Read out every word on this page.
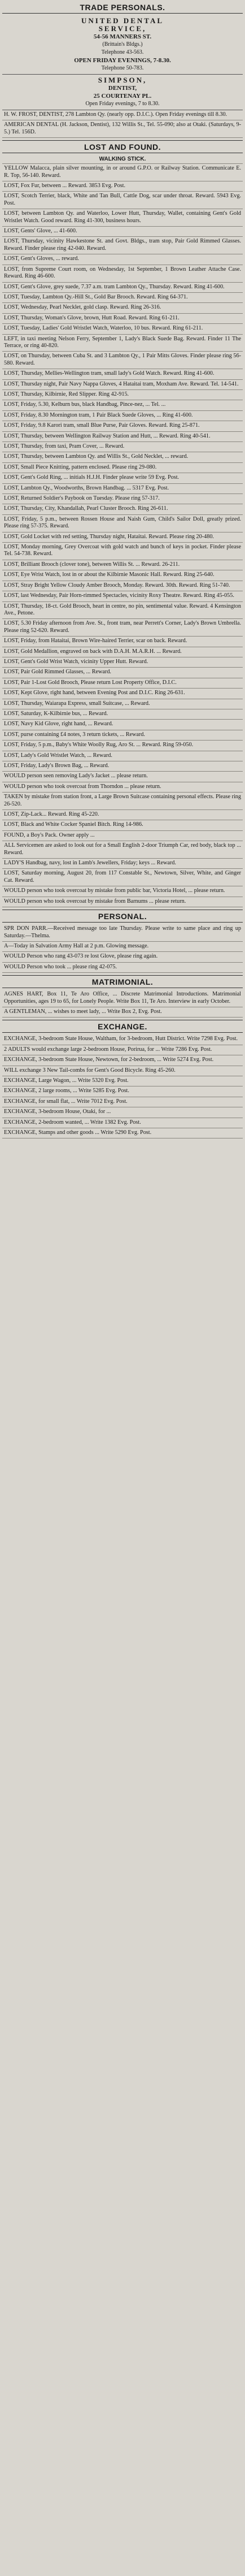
TRADE PERSONALS.
UNITED DENTAL
SERVICE,
54-56 MANNERS ST.
(Brittain's Bldgs.)
Telephone 43-563.
OPEN FRIDAY EVENINGS, 7-8.30.
Telephone 50-783.
SIMPSON,
DENTIST,
25 COURTENAY PL.
Open Friday evenings, 7 to 8.30.
H. W. FROST, DENTIST, 278 Lambton Qy. (nearly opp. D.I.C.). Open Friday evenings till 8.30.
AMERICAN DENTAL (H. Jackson, Dentist), 132 Willis St., Tel. 55-090; also at Otaki. (Saturdays, 9-5.) Tel. 156D.
LOST AND FOUND.
WALKING STICK.
YELLOW Malacca, plain silver mounting, in or around G.P.O. or Railway Station. Communicate E. R. Top, 56-140. Reward.
LOST, Fox Fur, between ... Reward. 3853 Evg. Post.
LOST, Scotch Terrier, black, White and Tan Bull, Cattle Dog, scar under throat. Reward. 5943 Evg. Post.
LOST, between Lambton Qy. and Waterloo, Lower Hutt, Thursday, Wallet, containing Gent's Gold Wristlet Watch. Good reward. Ring 41-300, business hours.
LOST, Gents' Glove, ... 41-600.
LOST, Thursday, vicinity Hawkestone St. and Govt. Bldgs., tram stop, Pair Gold Rimmed Glasses. Reward. Finder please ring 42-040. Reward.
LOST, Gent's Gloves, ... reward.
LOST, from Supreme Court room, on Wednesday, 1st September, 1 Brown Leather Attache Case. Reward. Ring 46-600.
LOST, Gent's Glove, grey suede, 7.37 a.m. tram Lambton Qy., Thursday. Reward. Ring 41-600.
LOST, Tuesday, Lambton Qy.-Hill St., Gold Bar Brooch. Reward. Ring 64-371.
LOST, Wednesday, Pearl Necklet, gold clasp. Reward. Ring 26-316.
LOST, Thursday, Woman's Glove, brown, Hutt Road. Reward. Ring 61-211.
LOST, Tuesday, Ladies' Gold Wristlet Watch, Waterloo, 10 bus. Reward. Ring 61-211.
LEFT, in taxi meeting Nelson Ferry, September 1, Lady's Black Suede Bag. Reward. Finder 11 The Terrace, or ring 40-820.
LOST, on Thursday, between Cuba St. and 3 Lambton Qy., 1 Pair Mitts Gloves. Finder please ring 56-580. Reward.
LOST, Thursday, Mellies-Wellington tram, small lady's Gold Watch. Reward. Ring 41-600.
LOST, Thursday night, Pair Navy Nappa Gloves, 4 Hataitai tram, Moxham Ave. Reward. Tel. 14-541.
LOST, Thursday, Kilbirnie, Red Slipper. Ring 42-915.
LOST, Friday, 5.30, Kelburn bus, black Handbag, Pince-nez, ... Tel. ...
LOST, Friday, 8.30 Mornington tram, 1 Pair Black Suede Gloves, ... Ring 41-600.
LOST, Friday, 9.8 Karori tram, small Blue Purse, Pair Gloves. Reward. Ring 25-871.
LOST, Thursday, between Wellington Railway Station and Hutt, ... Reward. Ring 40-541.
LOST, Thursday, from taxi, Pram Cover, ... Reward.
LOST, Thursday, between Lambton Qy. and Willis St., Gold Necklet, ... reward.
LOST, Small Piece Knitting, pattern enclosed. Please ring 29-080.
LOST, Gent's Gold Ring, ... initials H.J.H. Finder please write 59 Evg. Post.
LOST, Lambton Qy., Woodworths, Brown Handbag. ... 5317 Evg. Post.
LOST, Returned Soldier's Paybook on Tuesday. Please ring 57-317.
LOST, Thursday, City, Khandallah, Pearl Cluster Brooch. Ring 26-611.
LOST, Friday, 5 p.m., between Rossen House and Naish Gum, Child's Sailor Doll, greatly prized. Please ring 57-375. Reward.
LOST, Gold Locket with red setting, Thursday night, Hataitai. Reward. Please ring 20-480.
LOST, Monday morning, Grey Overcoat with gold watch and bunch of keys in pocket. Finder please Tel. 54-738. Reward.
LOST, Brilliant Brooch (clover tone), between Willis St. ... Reward. 26-211.
LOST, Eye Wrist Watch, lost in or about the Kilbirnie Masonic Hall. Reward. Ring 25-640.
LOST, Stray Bright Yellow Cloudy Amber Brooch, Monday. Reward. 30th. Reward. Ring 51-740.
LOST, last Wednesday, Pair Horn-rimmed Spectacles, vicinity Roxy Theatre. Reward. Ring 45-055.
LOST, Thursday, 18-ct. Gold Brooch, heart in centre, no pin, sentimental value. Reward. 4 Kensington Ave., Petone.
LOST, 5.30 Friday afternoon from Ave. St., front tram, near Perrett's Corner, Lady's Brown Umbrella. Please ring 52-620. Reward.
LOST, Friday, from Hataitai, Brown Wire-haired Terrier, scar on back. Reward.
LOST, Gold Medallion, engraved on back with D.A.H. M.A.R.H. ... Reward.
LOST, Gent's Gold Wrist Watch, vicinity Upper Hutt. Reward.
LOST, Pair Gold Rimmed Glasses, ... Reward.
LOST, Pair 1-Lost Gold Brooch, Please return Lost Property Office, D.I.C.
LOST, Kept Glove, right hand, between Evening Post and D.I.C. Ring 26-631.
LOST, Thursday, Waiarapa Express, small Suitcase, ... Reward.
LOST, Saturday, K-Kilbirnie bus, ... Reward.
LOST, Navy Kid Glove, right hand, ... Reward.
LOST, purse containing £4 notes, 3 return tickets, ... Reward.
LOST, Friday, 5 p.m., Baby's White Woolly Rug, Aro St. ... Reward. Ring 59-050.
LOST, Lady's Gold Wristlet Watch, ... Reward.
LOST, Friday, Lady's Brown Bag, ... Reward.
WOULD person seen removing Lady's Jacket ... please return.
WOULD person who took overcoat from Thorndon ... please return.
TAKEN by mistake from station front, a Large Brown Suitcase containing personal effects. Please ring 26-520.
LOST, Zip-Lack... Reward. Ring 45-220.
LOST, Black and White Cocker Spaniel Bitch. Ring 14-986.
FOUND, a Boy's Pack. Owner apply ...
ALL Servicemen are asked to look out for a Small English 2-door Triumph Car, red body, black top ... Reward.
LADY'S Handbag, navy, lost in Lamb's Jewellers, Friday; keys ... Reward.
LOST, Saturday morning, August 20, from 117 Constable St., Newtown, Silver, White, and Ginger Cat. Reward.
WOULD person who took overcoat by mistake from public bar, Victoria Hotel, ... please return.
WOULD person who took overcoat by mistake from Barnums ... please return.
PERSONAL.
SPR DON PARR.—Received message too late Thursday. Please write to same place and ring up Saturday.—Thelma.
A—Today in Salvation Army Hall at 2 p.m. Glowing message.
WOULD Person who rang 43-073 re lost Glove, please ring again.
WOULD Person who took ... please ring 42-075.
MATRIMONIAL.
AGNES HART, Box 11, Te Aro Office, ... Discrete Matrimonial Introductions. Matrimonial Opportunities, ages 19 to 65, for Lonely People. Write Box 11, Te Aro. Interview in early October.
A GENTLEMAN, ... wishes to meet lady, ... Write Box 2, Evg. Post.
EXCHANGE.
EXCHANGE, 3-bedroom State House, Waltham, for 3-bedroom, Hutt District. Write 7298 Evg. Post.
2 ADULTS would exchange large 2-bedroom House, Porirua, for ... Write 7286 Evg. Post.
EXCHANGE, 3-bedroom State House, Newtown, for 2-bedroom, ... Write 5274 Evg. Post.
WILL exchange 3 New Tail-combs for Gent's Good Bicycle. Ring 45-260.
EXCHANGE, Large Wagon, ... Write 5320 Evg. Post.
EXCHANGE, 2 large rooms, ... Write 5285 Evg. Post.
EXCHANGE, for small flat, ... Write 7012 Evg. Post.
EXCHANGE, 3-bedroom House, Otaki, for ...
EXCHANGE, 2-bedroom wanted, ... Write 1382 Evg. Post.
EXCHANGE, Stamps and other goods ... Write 5290 Evg. Post.
